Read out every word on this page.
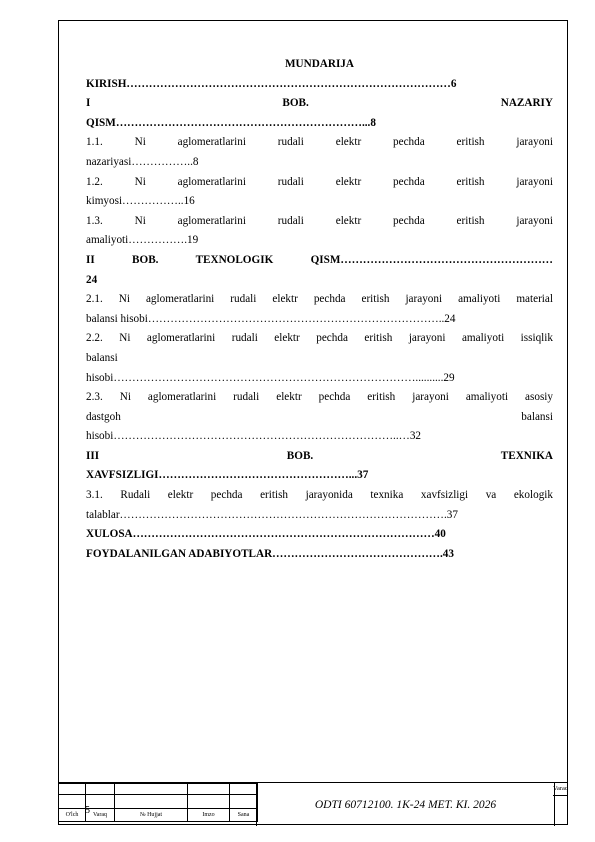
MUNDARIJA
KIRISH……………………………………………………………………………6
I BOB. NAZARIY
QISM…………………………………………………………...8
1.1. Ni aglomeratlarini rudali elektr pechda eritish jarayoni
nazariyasi……………..8
1.2. Ni aglomeratlarini rudali elektr pechda eritish jarayoni
kimyosi……………..16
1.3. Ni aglomeratlarini rudali elektr pechda eritish jarayoni
amaliyoti…………….19
II BOB. TEXNOLOGIK QISM…………………………………………………
24
2.1. Ni aglomeratlarini rudali elektr pechda eritish jarayoni amaliyoti material
balansi hisobi……………………………………………………………………..24
2.2. Ni aglomeratlarini rudali elektr pechda eritish jarayoni amaliyoti issiqlik
balansi
hisobi………………………………………………………………………..........29
2.3. Ni aglomeratlarini rudali elektr pechda eritish jarayoni amaliyoti asosiy
dastgoh balansi
hisobi…………………………………………………………………..…32
III BOB. TEXNIKA
XAVFSIZLIGI……………………………………………...37
3.1. Rudali elektr pechda eritish jarayonida texnika xavfsizligi va ekologik
talablar…………………………………………………………………………….37
XULOSA………………………………………………………………………40
FOYDALANILGAN ADABIYOTLAR……………………………………….43

O'lch	Varaq	№ Hujjat	Imzo	Sana
5	ODTI 60712100. 1K-24 MET. KI. 2026
Varaq
